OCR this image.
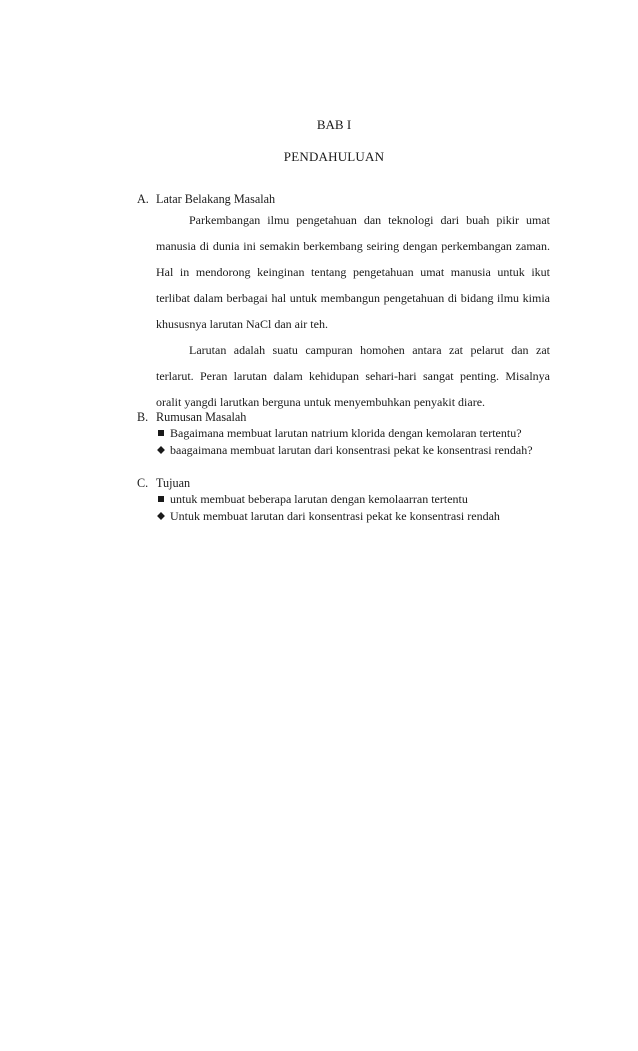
BAB I
PENDAHULUAN
A. Latar Belakang Masalah
Parkembangan ilmu pengetahuan dan teknologi dari buah pikir umat manusia di dunia ini semakin berkembang seiring dengan perkembangan zaman. Hal in mendorong keinginan tentang pengetahuan umat manusia untuk ikut terlibat dalam berbagai hal untuk membangun pengetahuan di bidang ilmu kimia khususnya larutan NaCl dan air teh.
Larutan adalah suatu campuran homohen antara zat pelarut dan zat terlarut. Peran larutan dalam kehidupan sehari-hari sangat penting. Misalnya oralit yangdi larutkan berguna untuk menyembuhkan penyakit diare.
B. Rumusan Masalah
Bagaimana membuat larutan natrium klorida dengan kemolaran tertentu?
baagaimana membuat larutan dari konsentrasi pekat ke konsentrasi rendah?
C. Tujuan
untuk membuat beberapa larutan dengan kemolaarran tertentu
Untuk membuat larutan dari konsentrasi pekat ke konsentrasi rendah
